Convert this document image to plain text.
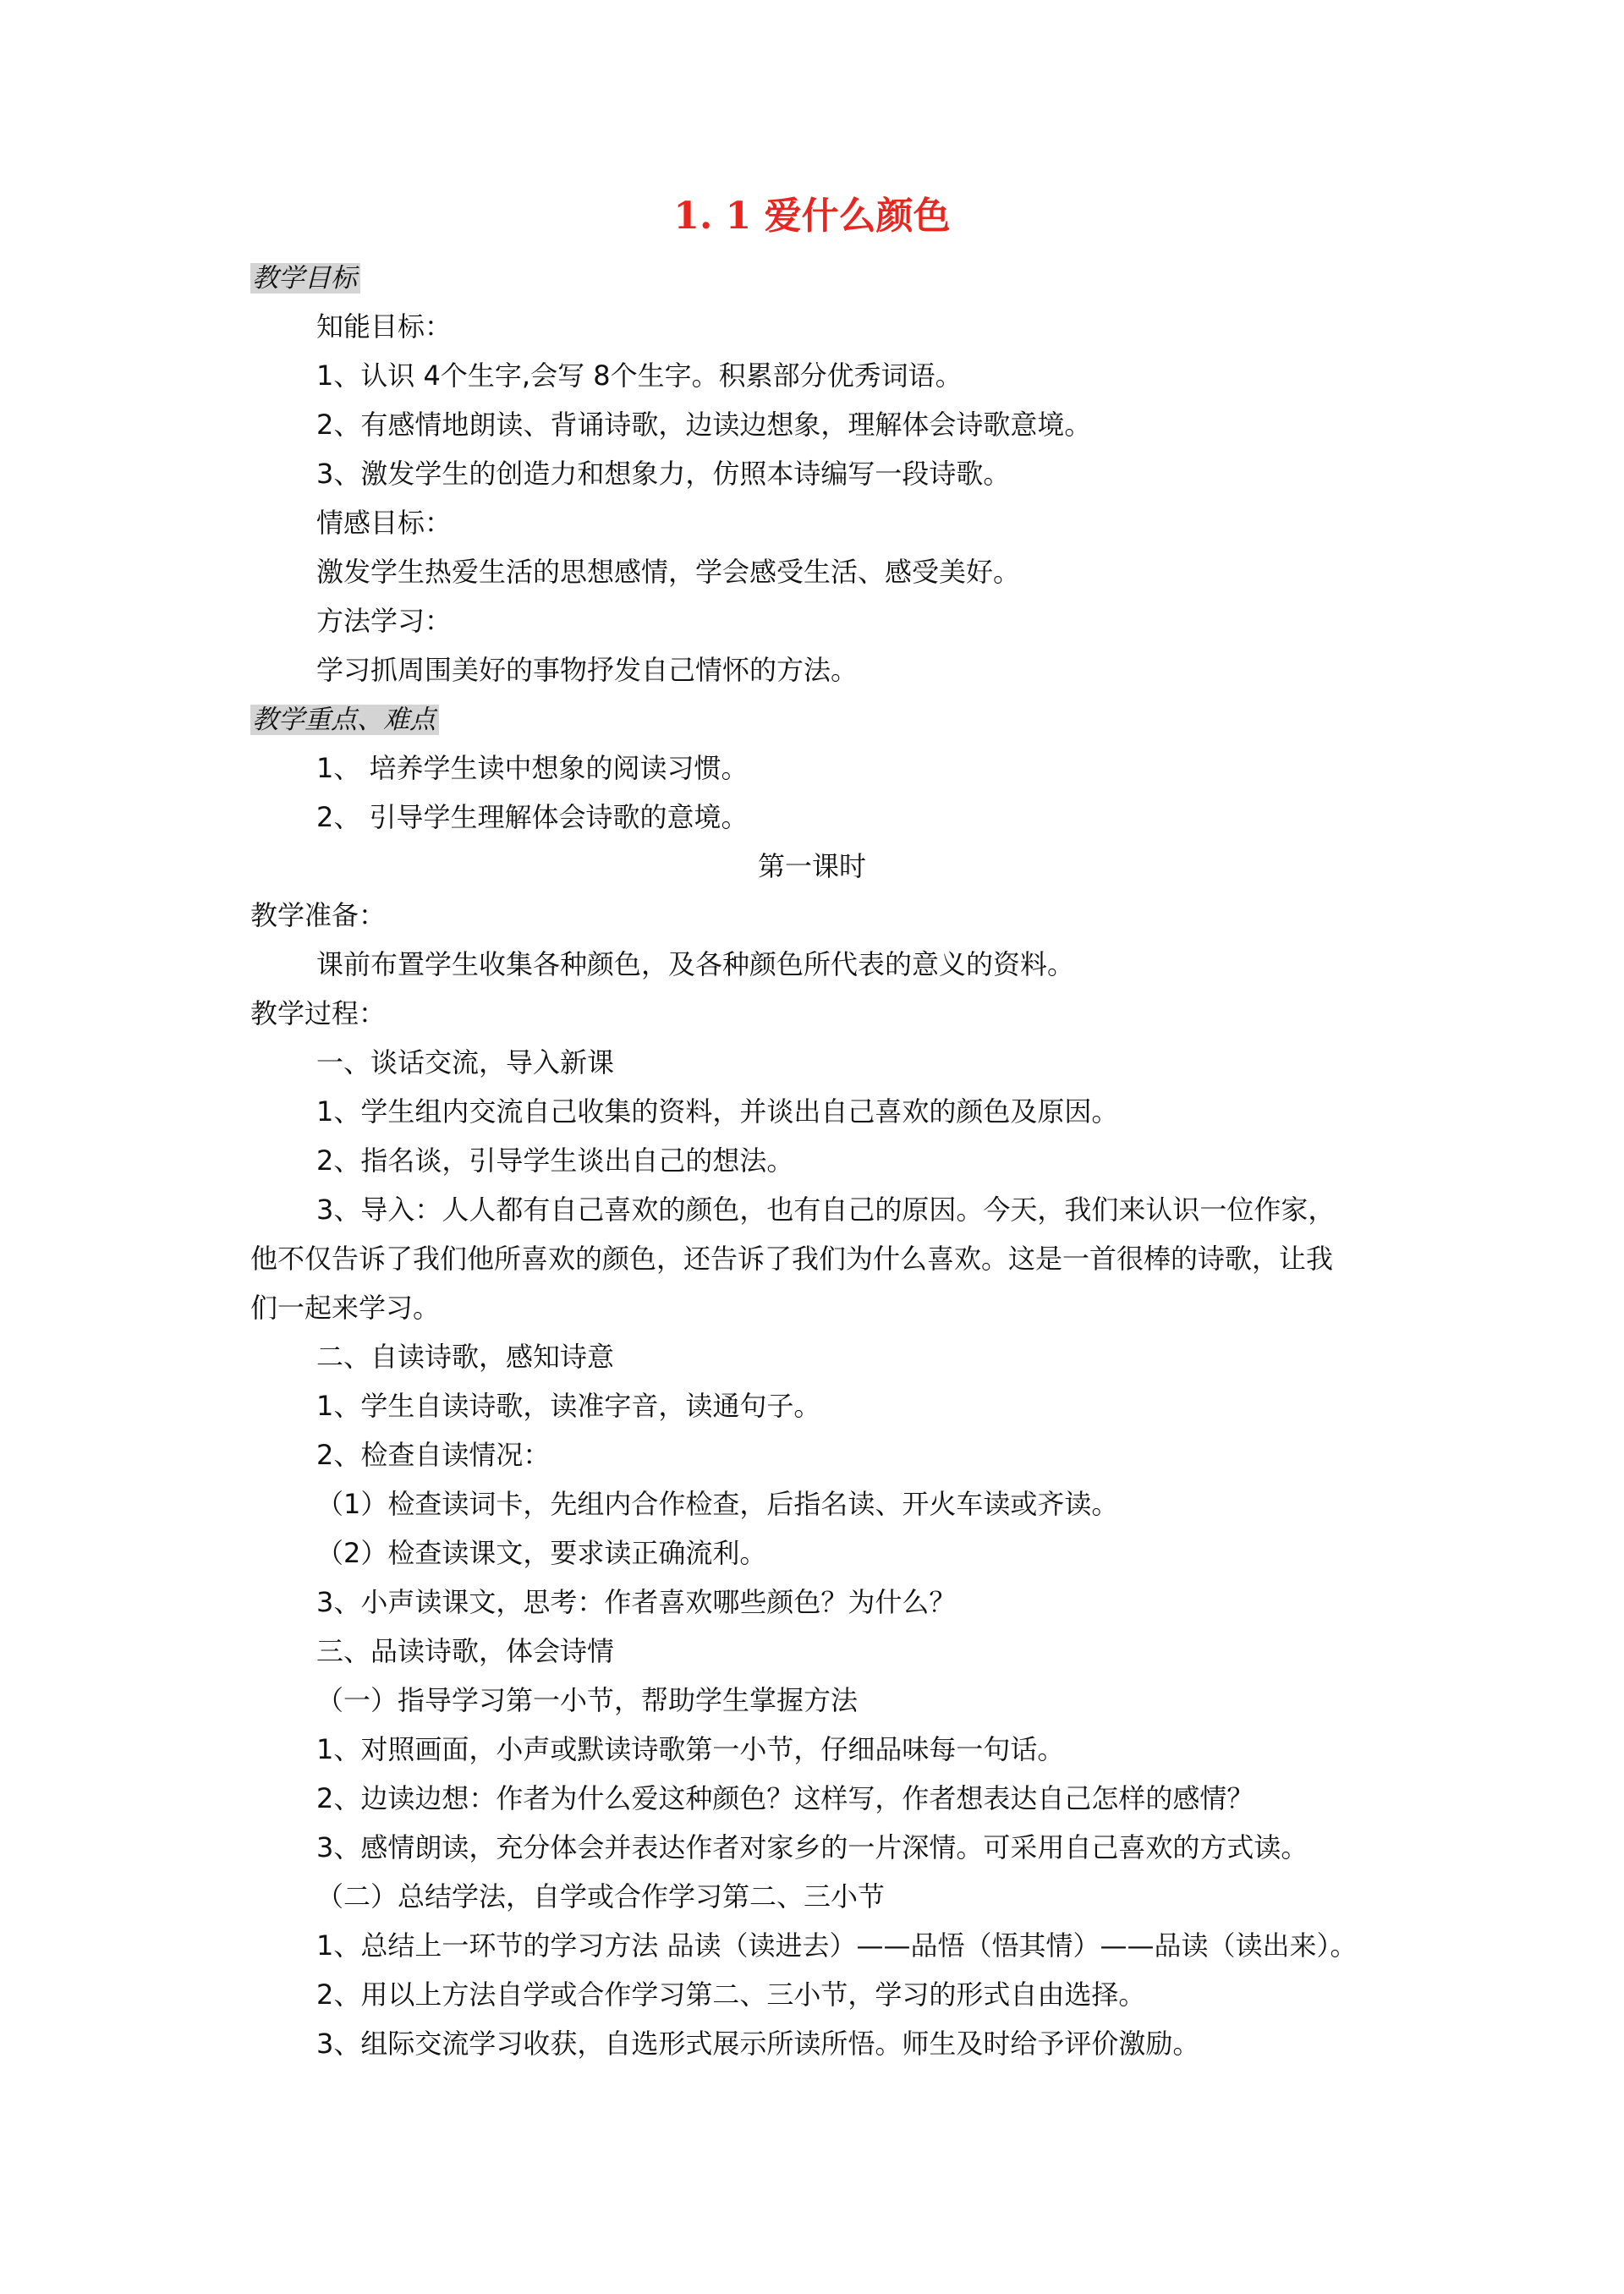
1. 1 爱什么颜色
教学目标
知能目标：
1、认识 4个生字,会写 8个生字。积累部分优秀词语。
2、有感情地朗读、背诵诗歌，边读边想象，理解体会诗歌意境。
3、激发学生的创造力和想象力，仿照本诗编写一段诗歌。
情感目标：
激发学生热爱生活的思想感情，学会感受生活、感受美好。
方法学习：
学习抓周围美好的事物抒发自己情怀的方法。
教学重点、难点
1、 培养学生读中想象的阅读习惯。
2、 引导学生理解体会诗歌的意境。
第一课时
教学准备：
课前布置学生收集各种颜色，及各种颜色所代表的意义的资料。
教学过程：
一、谈话交流，导入新课
1、学生组内交流自己收集的资料，并谈出自己喜欢的颜色及原因。
2、指名谈，引导学生谈出自己的想法。
3、导入：人人都有自己喜欢的颜色，也有自己的原因。今天，我们来认识一位作家，
他不仅告诉了我们他所喜欢的颜色，还告诉了我们为什么喜欢。这是一首很棒的诗歌，让我
们一起来学习。
二、自读诗歌，感知诗意
1、学生自读诗歌，读准字音，读通句子。
2、检查自读情况：
（1）检查读词卡，先组内合作检查，后指名读、开火车读或齐读。
（2）检查读课文，要求读正确流利。
3、小声读课文，思考：作者喜欢哪些颜色？为什么？
三、品读诗歌，体会诗情
（一）指导学习第一小节，帮助学生掌握方法
1、对照画面，小声或默读诗歌第一小节，仔细品味每一句话。
2、边读边想：作者为什么爱这种颜色？这样写，作者想表达自己怎样的感情？
3、感情朗读，充分体会并表达作者对家乡的一片深情。可采用自己喜欢的方式读。
（二）总结学法，自学或合作学习第二、三小节
1、总结上一环节的学习方法 品读（读进去）——品悟（悟其情）——品读（读出来）。
2、用以上方法自学或合作学习第二、三小节，学习的形式自由选择。
3、组际交流学习收获，自选形式展示所读所悟。师生及时给予评价激励。
